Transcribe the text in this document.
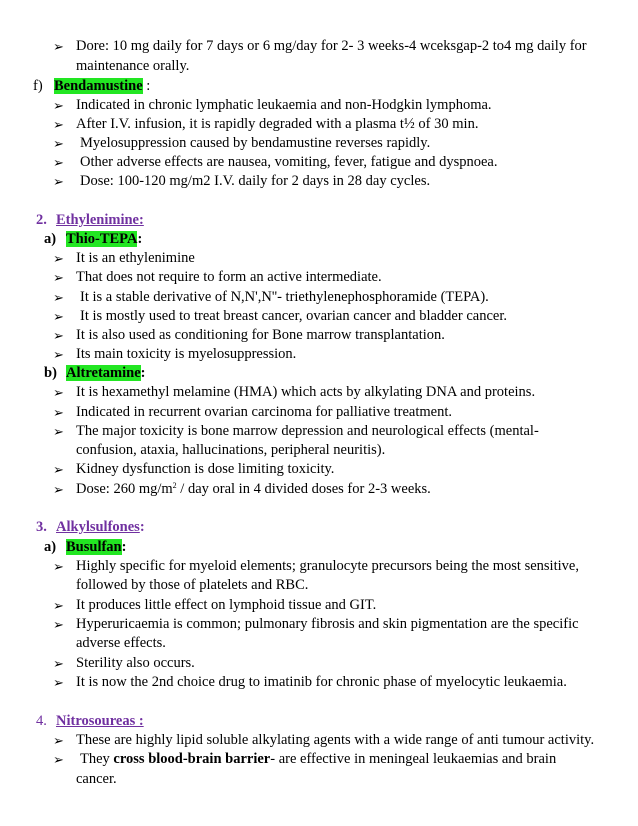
➢ Dore: 10 mg daily for 7 days or 6 mg/day for 2- 3 weeks-4 wceksgap-2 to4 mg daily for
maintenance orally.
f) Bendamustine :
➢ Indicated in chronic lymphatic leukaemia and non-Hodgkin lymphoma.
➢ After I.V. infusion, it is rapidly degraded with a plasma t½ of 30 min.
➢ Myelosuppression caused by bendamustine reverses rapidly.
➢ Other adverse effects are nausea, vomiting, fever, fatigue and dyspnoea.
➢ Dose: 100-120 mg/m2 I.V. daily for 2 days in 28 day cycles.
2. Ethylenimine:
a) Thio-TEPA:
➢ It is an ethylenimine
➢ That does not require to form an active intermediate.
➢ It is a stable derivative of N,N',N''- triethylenephosphoramide (TEPA).
➢ It is mostly used to treat breast cancer, ovarian cancer and bladder cancer.
➢ It is also used as conditioning for Bone marrow transplantation.
➢ Its main toxicity is myelosuppression.
b) Altretamine:
➢ It is hexamethyl melamine (HMA) which acts by alkylating DNA and proteins.
➢ Indicated in recurrent ovarian carcinoma for palliative treatment.
➢ The major toxicity is bone marrow depression and neurological effects (mental-
confusion, ataxia, hallucinations, peripheral neuritis).
➢ Kidney dysfunction is dose limiting toxicity.
➢ Dose: 260 $mg/m^2$ / day oral in 4 divided doses for 2-3 weeks.
3. Alkylsulfones:
a) Busulfan:
➢ Highly specific for myeloid elements; granulocyte precursors being the most sensitive,
followed by those of platelets and RBC.
➢ It produces little effect on lymphoid tissue and GIT.
➢ Hyperuricaemia is common; pulmonary fibrosis and skin pigmentation are the specific
adverse effects.
➢ Sterility also occurs.
➢ It is now the 2nd choice drug to imatinib for chronic phase of myelocytic leukaemia.
4. Nitrosoureas :
➢ These are highly lipid soluble alkylating agents with a wide range of anti tumour activity.
➢ They cross blood-brain barrier- are effective in meningeal leukaemias and brain
cancer.
